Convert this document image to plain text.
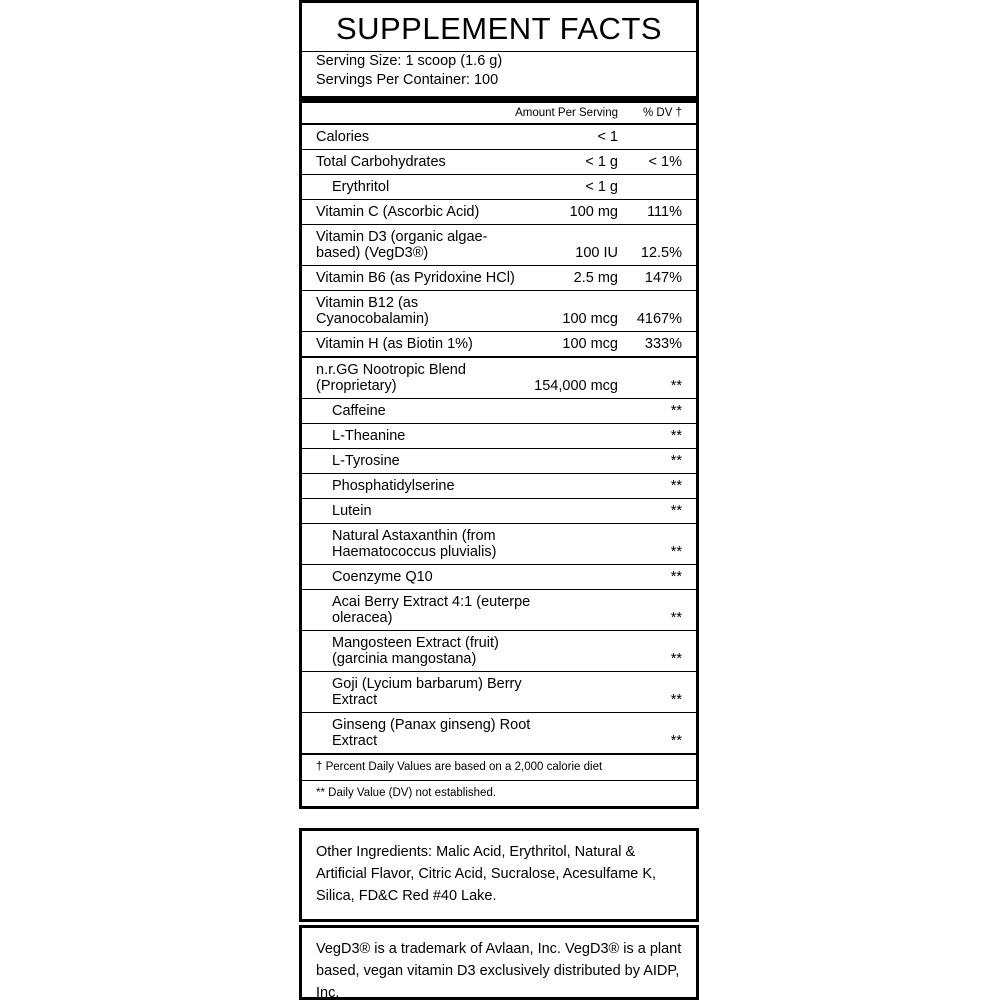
SUPPLEMENT FACTS
Serving Size: 1 scoop (1.6 g)
Servings Per Container: 100
	Amount Per Serving	% DV †
Calories	< 1	
Total Carbohydrates	< 1 g	< 1%
Erythritol	< 1 g	
Vitamin C (Ascorbic Acid)	100 mg	111%
Vitamin D3 (organic algae-based) (VegD3®)	100 IU	12.5%
Vitamin B6 (as Pyridoxine HCl)	2.5 mg	147%
Vitamin B12 (as Cyanocobalamin)	100 mcg	4167%
Vitamin H (as Biotin 1%)	100 mcg	333%
n.r.GG Nootropic Blend (Proprietary)	154,000 mcg	**
Caffeine		**
L-Theanine		**
L-Tyrosine		**
Phosphatidylserine		**
Lutein		**
Natural Astaxanthin (from Haematococcus pluvialis)		**
Coenzyme Q10		**
Acai Berry Extract 4:1 (euterpe oleracea)		**
Mangosteen Extract (fruit) (garcinia mangostana)		**
Goji (Lycium barbarum) Berry Extract		**
Ginseng (Panax ginseng) Root Extract		**
† Percent Daily Values are based on a 2,000 calorie diet
** Daily Value (DV) not established.
Other Ingredients: Malic Acid, Erythritol, Natural & Artificial Flavor, Citric Acid, Sucralose, Acesulfame K, Silica, FD&C Red #40 Lake.
VegD3® is a trademark of Avlaan, Inc. VegD3® is a plant based, vegan vitamin D3 exclusively distributed by AIDP, Inc.
